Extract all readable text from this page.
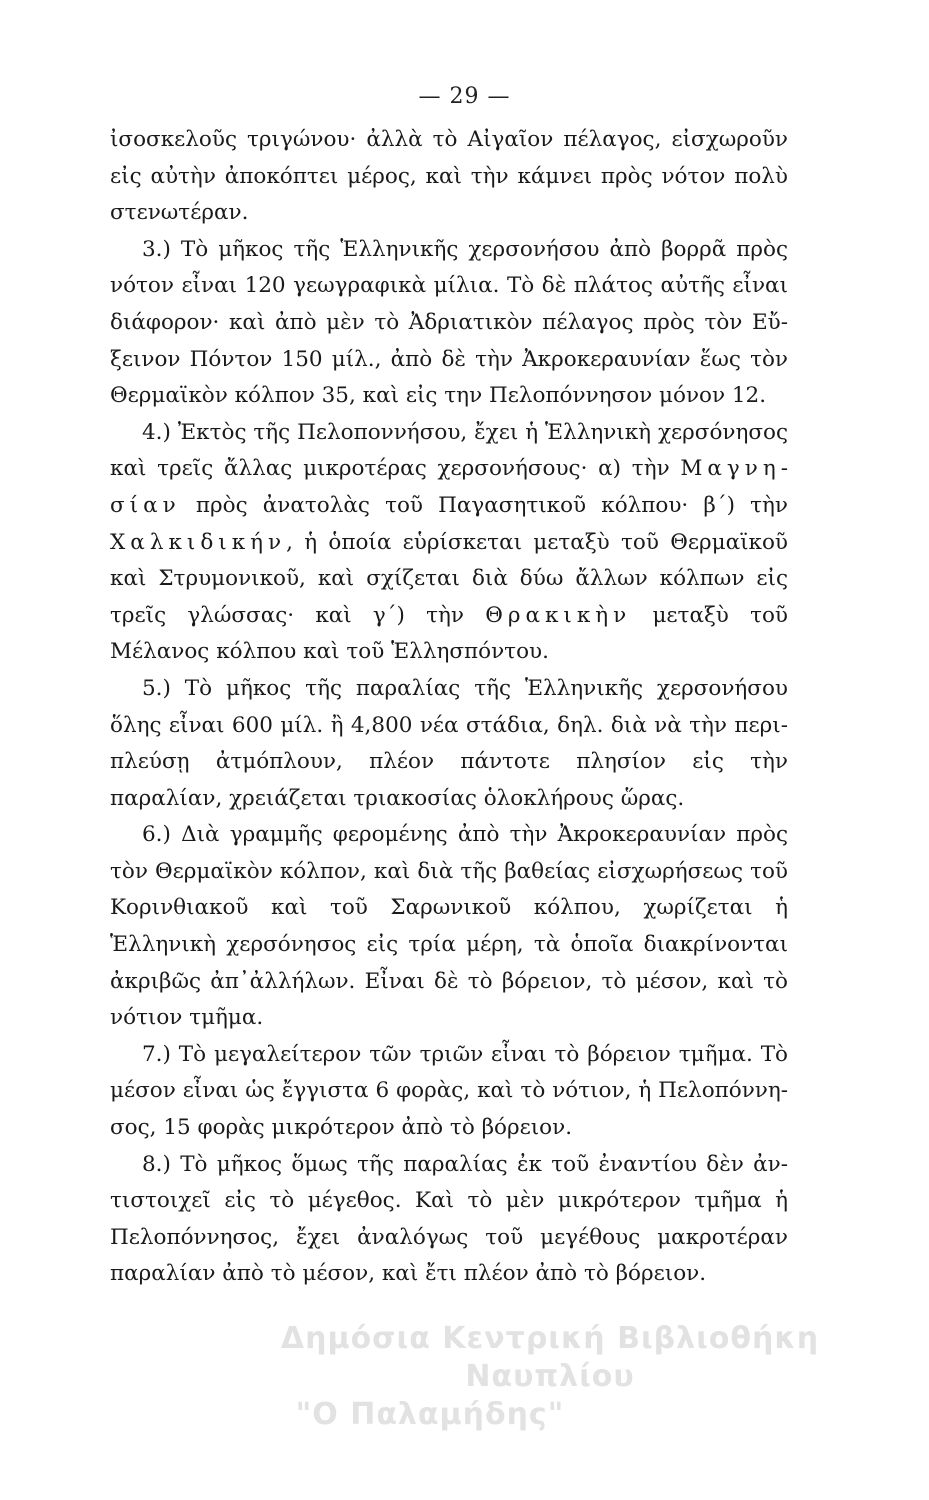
— 29 —

ἰσοσκελοῦς τριγώνου· ἀλλὰ τὸ Αἰγαῖον πέλαγος, εἰσχωροῦν εἰς αὐτὴν ἀποκόπτει μέρος, καὶ τὴν κάμνει πρὸς νότον πολὺ στενωτέραν.

3.) Τὸ μῆκος τῆς Ἑλληνικῆς χερσονήσου ἀπὸ βορρᾶ πρὸς νότον εἶναι 120 γεωγραφικὰ μίλια. Τὸ δὲ πλάτος αὐτῆς εἶναι διάφορον· καὶ ἀπὸ μὲν τὸ Ἀδριατικὸν πέλαγος πρὸς τὸν Εὔξεινον Πόντον 150 μίλ., ἀπὸ δὲ τὴν Ἀκροκεραυνίαν ἕως τὸν Θερμαϊκὸν κόλπον 35, καὶ εἰς την Πελοπόννησον μόνον 12.

4.) Ἐκτὸς τῆς Πελοποννήσου, ἔχει ἡ Ἑλληνικὴ χερσόνησος καὶ τρεῖς ἄλλας μικροτέρας χερσονήσους· α) τὴν Μαγνησίαν πρὸς ἀνατολὰς τοῦ Παγασητικοῦ κόλπου· β΄) τὴν Χαλκιδικήν, ἡ ὁποία εὑρίσκεται μεταξὺ τοῦ Θερμαϊκοῦ καὶ Στρυμονικοῦ, καὶ σχίζεται διὰ δύω ἄλλων κόλπων εἰς τρεῖς γλώσσας· καὶ γ΄) τὴν Θρακικὴν μεταξὺ τοῦ Μέλανος κόλπου καὶ τοῦ Ἑλλησπόντου.

5.) Τὸ μῆκος τῆς παραλίας τῆς Ἑλληνικῆς χερσονήσου ὅλης εἶναι 600 μίλ. ἢ 4,800 νέα στάδια, δηλ. διὰ νὰ τὴν περιπλεύσῃ ἀτμόπλουν, πλέον πάντοτε πλησίον εἰς τὴν παραλίαν, χρειάζεται τριακοσίας ὁλοκλήρους ὥρας.

6.) Διὰ γραμμῆς φερομένης ἀπὸ τὴν Ἀκροκεραυνίαν πρὸς τὸν Θερμαϊκὸν κόλπον, καὶ διὰ τῆς βαθείας εἰσχωρήσεως τοῦ Κορινθιακοῦ καὶ τοῦ Σαρωνικοῦ κόλπου, χωρίζεται ἡ Ἑλληνικὴ χερσόνησος εἰς τρία μέρη, τὰ ὁποῖα διακρίνονται ἀκριβῶς ἀπ᾽ἀλλήλων. Εἶναι δὲ τὸ βόρειον, τὸ μέσον, καὶ τὸ νότιον τμῆμα.

7.) Τὸ μεγαλείτερον τῶν τριῶν εἶναι τὸ βόρειον τμῆμα. Τὸ μέσον εἶναι ὡς ἔγγιστα 6 φορὰς, καὶ τὸ νότιον, ἡ Πελοπόννησος, 15 φορὰς μικρότερον ἀπὸ τὸ βόρειον.

8.) Τὸ μῆκος ὅμως τῆς παραλίας ἐκ τοῦ ἐναντίου δὲν ἀντιστοιχεῖ εἰς τὸ μέγεθος. Καὶ τὸ μὲν μικρότερον τμῆμα ἡ Πελοπόννησος, ἔχει ἀναλόγως τοῦ μεγέθους μακροτέραν παραλίαν ἀπὸ τὸ μέσον, καὶ ἔτι πλέον ἀπὸ τὸ βόρειον.

Δημόσια Κεντρική Βιβλιοθήκη Ναυπλίου
"Ο Παλαμήδης"
